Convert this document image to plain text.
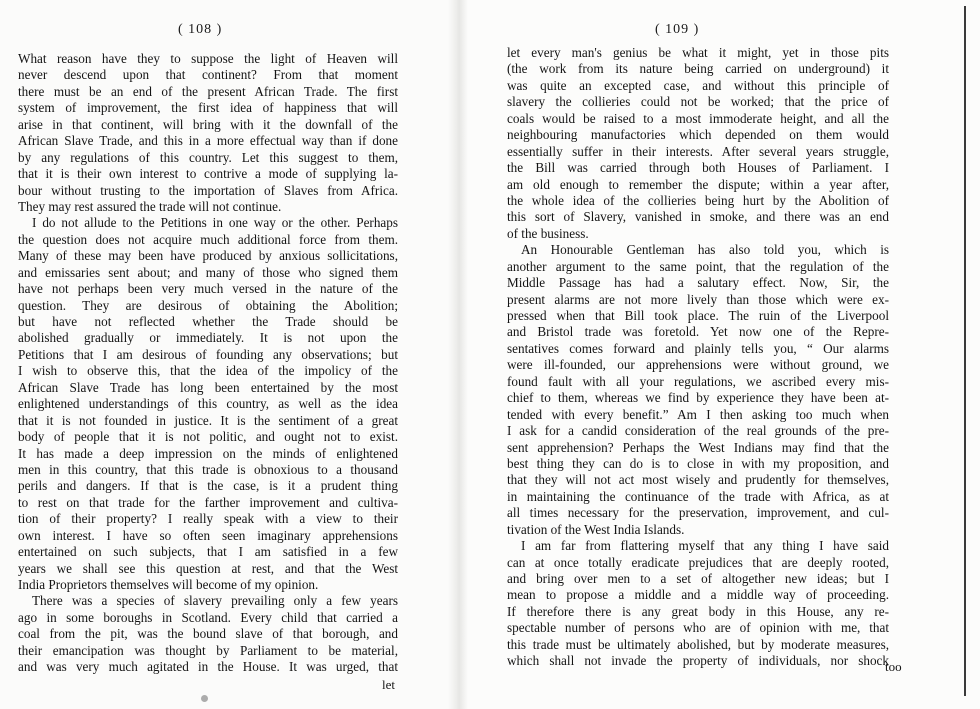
( 108 )	( 109 )
What reason have they to suppose the light of Heaven will
never descend upon that continent? From that moment
there must be an end of the present African Trade. The first
system of improvement, the first idea of happiness that will
arise in that continent, will bring with it the downfall of the
African Slave Trade, and this in a more effectual way than if done
by any regulations of this country. Let this suggest to them,
that it is their own interest to contrive a mode of supplying la-
bour without trusting to the importation of Slaves from Africa.
They may rest assured the trade will not continue.
I do not allude to the Petitions in one way or the other. Perhaps
the question does not acquire much additional force from them.
Many of these may been have produced by anxious sollicitations,
and emissaries sent about; and many of those who signed them
have not perhaps been very much versed in the nature of the
question. They are desirous of obtaining the Abolition;
but have not reflected whether the Trade should be
abolished gradually or immediately. It is not upon the
Petitions that I am desirous of founding any observations; but
I wish to observe this, that the idea of the impolicy of the
African Slave Trade has long been entertained by the most
enlightened understandings of this country, as well as the idea
that it is not founded in justice. It is the sentiment of a great
body of people that it is not politic, and ought not to exist.
It has made a deep impression on the minds of enlightened
men in this country, that this trade is obnoxious to a thousand
perils and dangers. If that is the case, is it a prudent thing
to rest on that trade for the farther improvement and cultiva-
tion of their property? I really speak with a view to their
own interest. I have so often seen imaginary apprehensions
entertained on such subjects, that I am satisfied in a few
years we shall see this question at rest, and that the West
India Proprietors themselves will become of my opinion.
There was a species of slavery prevailing only a few years
ago in some boroughs in Scotland. Every child that carried a
coal from the pit, was the bound slave of that borough, and
their emancipation was thought by Parliament to be material,
and was very much agitated in the House. It was urged, that
let
let every man's genius be what it might, yet in those pits
(the work from its nature being carried on underground) it
was quite an excepted case, and without this principle of
slavery the collieries could not be worked; that the price of
coals would be raised to a most immoderate height, and all the
neighbouring manufactories which depended on them would
essentially suffer in their interests. After several years struggle,
the Bill was carried through both Houses of Parliament. I
am old enough to remember the dispute; within a year after,
the whole idea of the collieries being hurt by the Abolition of
this sort of Slavery, vanished in smoke, and there was an end
of the business.
An Honourable Gentleman has also told you, which is
another argument to the same point, that the regulation of the
Middle Passage has had a salutary effect. Now, Sir, the
present alarms are not more lively than those which were ex-
pressed when that Bill took place. The ruin of the Liverpool
and Bristol trade was foretold. Yet now one of the Repre-
sentatives comes forward and plainly tells you, “ Our alarms
were ill-founded, our apprehensions were without ground, we
found fault with all your regulations, we ascribed every mis-
chief to them, whereas we find by experience they have been at-
tended with every benefit.” Am I then asking too much when
I ask for a candid consideration of the real grounds of the pre-
sent apprehension? Perhaps the West Indians may find that the
best thing they can do is to close in with my proposition, and
that they will not act most wisely and prudently for themselves,
in maintaining the continuance of the trade with Africa, as at
all times necessary for the preservation, improvement, and cul-
tivation of the West India Islands.
I am far from flattering myself that any thing I have said
can at once totally eradicate prejudices that are deeply rooted,
and bring over men to a set of altogether new ideas; but I
mean to propose a middle and a middle way of proceeding.
If therefore there is any great body in this House, any re-
spectable number of persons who are of opinion with me, that
this trade must be ultimately abolished, but by moderate measures,
which shall not invade the property of individuals, nor shock
too
